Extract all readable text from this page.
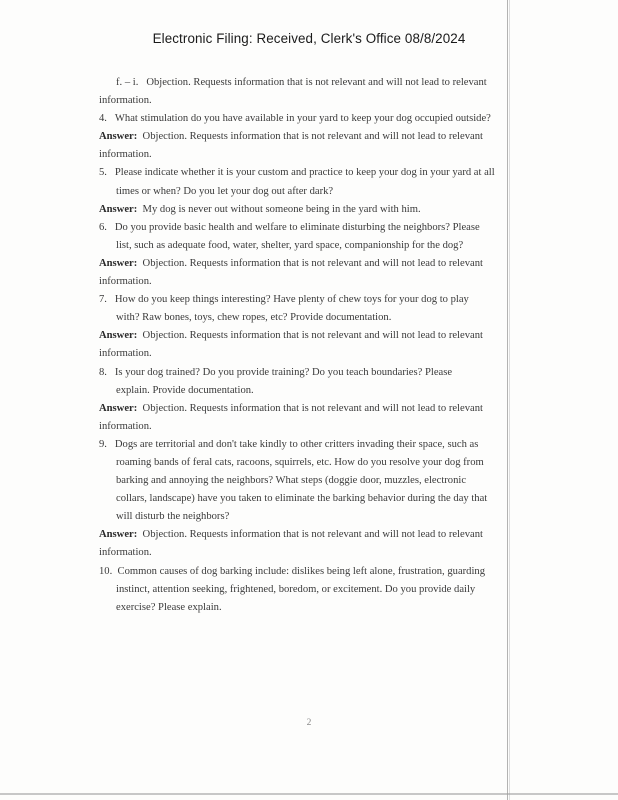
Electronic Filing: Received, Clerk's Office 08/8/2024

f. – i. Objection. Requests information that is not relevant and will not lead to relevant

information.

4. What stimulation do you have available in your yard to keep your dog occupied outside?

Answer: Objection. Requests information that is not relevant and will not lead to relevant

information.

5. Please indicate whether it is your custom and practice to keep your dog in your yard at all
times or when? Do you let your dog out after dark?

Answer: My dog is never out without someone being in the yard with him.

6. Do you provide basic health and welfare to eliminate disturbing the neighbors? Please
list, such as adequate food, water, shelter, yard space, companionship for the dog?

Answer: Objection. Requests information that is not relevant and will not lead to relevant

information.

7. How do you keep things interesting? Have plenty of chew toys for your dog to play
with? Raw bones, toys, chew ropes, etc? Provide documentation.

Answer: Objection. Requests information that is not relevant and will not lead to relevant

information.

8. Is your dog trained? Do you provide training? Do you teach boundaries? Please
explain. Provide documentation.

Answer: Objection. Requests information that is not relevant and will not lead to relevant

information.

9. Dogs are territorial and don't take kindly to other critters invading their space, such as
roaming bands of feral cats, racoons, squirrels, etc. How do you resolve your dog from
barking and annoying the neighbors? What steps (doggie door, muzzles, electronic
collars, landscape) have you taken to eliminate the barking behavior during the day that
will disturb the neighbors?

Answer: Objection. Requests information that is not relevant and will not lead to relevant

information.

10. Common causes of dog barking include: dislikes being left alone, frustration, guarding
instinct, attention seeking, frightened, boredom, or excitement. Do you provide daily
exercise? Please explain.

2
